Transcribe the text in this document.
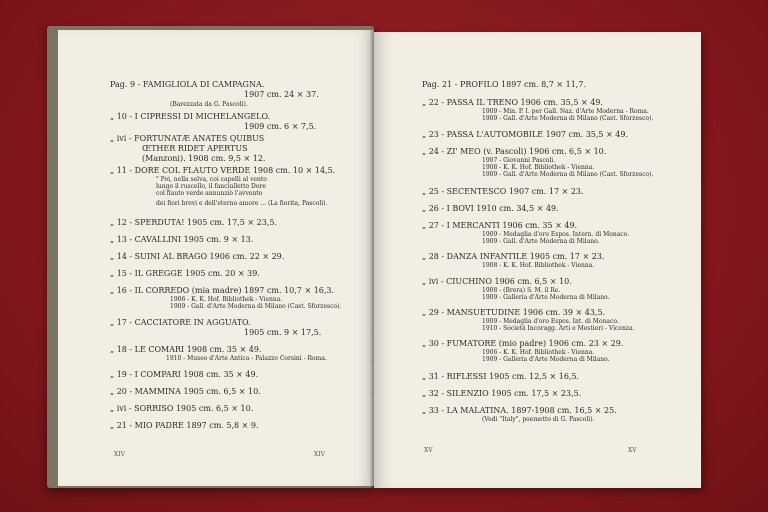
Pag. 9 - FAMIGLIOLA DI CAMPAGNA.
1907 cm. 24 × 37.
(Barezzata da G. Pascoli).
„ 10 - I CIPRESSI DI MICHELANGELO.
1909 cm. 6 × 7,5.
„ ivi - FORTUNATÆ ANATES QUIBUS
ŒTHER RIDET APERTUS
(Manzoni). 1908 cm. 9,5 × 12.
„ 11 - DORE COL FLAUTO VERDE 1908 cm. 10 × 14,5.
" Poi, nella selva, coi capelli al vento
lungo il ruscello, il fanciulletto Dore
col flauto verde annunziò l'avvento
dei fiori brevi e dell'eterno amore ... (La fiorita, Pascoli).
„ 12 - SPERDUTA! 1905 cm. 17,5 × 23,5.
„ 13 - CAVALLINI 1905 cm. 9 × 13.
„ 14 - SUINI AL BRAGO 1906 cm. 22 × 29.
„ 15 - IL GREGGE 1905 cm. 20 × 39.
„ 16 - IL CORREDO (mia madre) 1897 cm. 10,7 × 16,3.
1906 - K. K. Hof. Bibliothek - Vienna.
1909 - Gall. d'Arte Moderna di Milano (Cast. Sforzesco).
„ 17 - CACCIATORE IN AGGUATO.
1905 cm. 9 × 17,5.
„ 18 - LE COMARI 1908 cm. 35 × 49.
1910 - Museo d'Arte Antica - Palazzo Corsini - Roma.
„ 19 - I COMPARI 1908 cm. 35 × 49.
„ 20 - MAMMINA 1905 cm. 6,5 × 10.
„ ivi - SORRISO 1905 cm. 6,5 × 10.
„ 21 - MIO PADRE 1897 cm. 5,8 × 9.
XIV	XIV
Pag. 21 - PROFILO 1897 cm. 8,7 × 11,7.
„ 22 - PASSA IL TRENO 1906 cm. 35,5 × 49.
1909 - Min. P. I. per Gall. Naz. d'Arte Moderna - Roma.
1909 - Gall. d'Arte Moderna di Milano (Cast. Sforzesco).
„ 23 - PASSA L'AUTOMOBILE 1907 cm. 35,5 × 49.
„ 24 - ZI' MEO (v. Pascoli) 1906 cm. 6,5 × 10.
1907 - Giovanni Pascoli.
1908 - K. K. Hof. Bibliothek - Vienna.
1909 - Gall. d'Arte Moderna di Milano (Cast. Sforzesco).
„ 25 - SECENTESCO 1907 cm. 17 × 23.
„ 26 - I BOVI 1910 cm. 34,5 × 49.
„ 27 - I MERCANTI 1906 cm. 35 × 49.
1909 - Medaglia d'oro Espos. Intern. di Monaco.
1909 - Gall. d'Arte Moderna di Milano.
„ 28 - DANZA INFANTILE 1905 cm. 17 × 23.
1908 - K. K. Hof. Bibliothek - Vienna.
„ ivi - CIUCHINO 1906 cm. 6,5 × 10.
1908 - (Brera) S. M. il Re.
1909 - Galleria d'Arte Moderna di Milano.
„ 29 - MANSUETUDINE 1906 cm. 39 × 43,5.
1909 - Medaglia d'oro Espos. Int. di Monaco.
1910 - Società Incoragg. Arti e Mestieri - Vicenza.
„ 30 - FUMATORE (mio padre) 1906 cm. 23 × 29.
1906 - K. K. Hof. Bibliothek - Vienna.
1909 - Galleria d'Arte Moderna di Milano.
„ 31 - RIFLESSI 1905 cm. 12,5 × 16,5.
„ 32 - SILENZIO 1905 cm. 17,5 × 23,5.
„ 33 - LA MALATINA. 1897-1908 cm. 16,5 × 25.
(Vedi "Italy", poemetto di G. Pascoli).
XV	XV
